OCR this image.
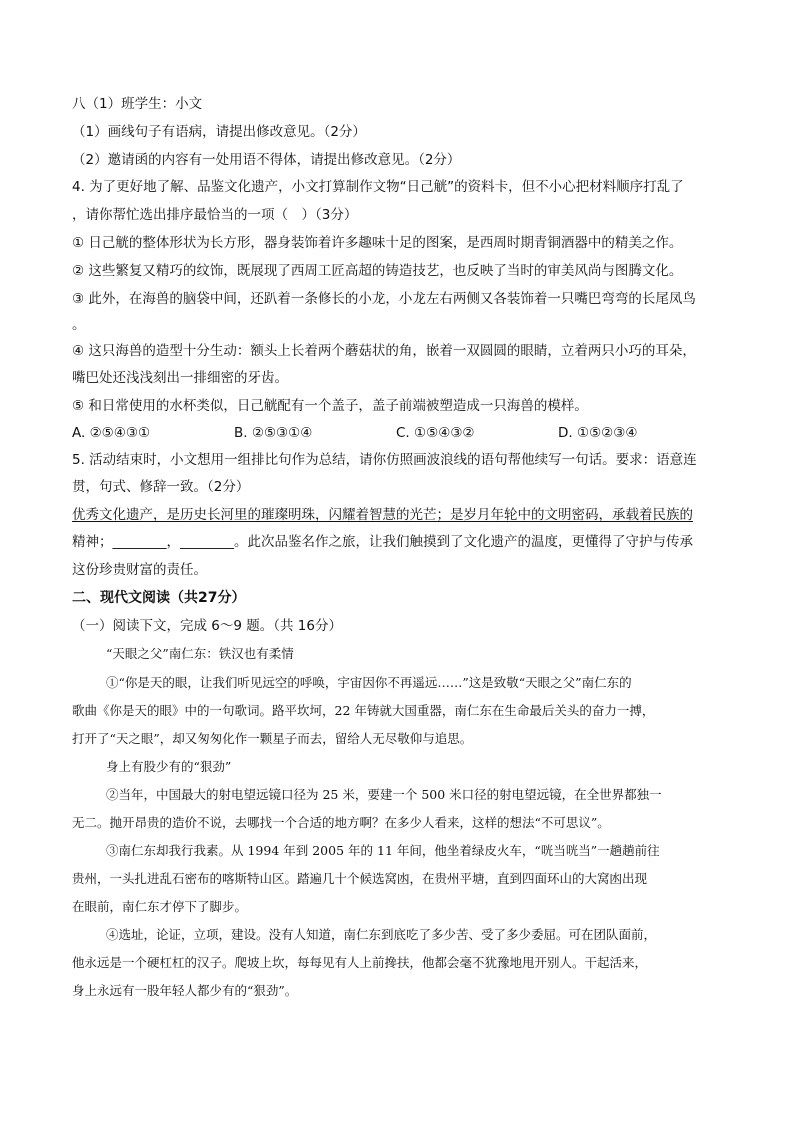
八（1）班学生：小文
（1）画线句子有语病，请提出修改意见。（2分）
（2）邀请函的内容有一处用语不得体，请提出修改意见。（2分）
4. 为了更好地了解、品鉴文化遗产，小文打算制作文物“日己觥”的资料卡，但不小心把材料顺序打乱了
，请你帮忙选出排序最恰当的一项（　）（3分）
① 日己觥的整体形状为长方形，器身装饰着许多趣味十足的图案，是西周时期青铜酒器中的精美之作。
② 这些繁复又精巧的纹饰，既展现了西周工匠高超的铸造技艺，也反映了当时的审美风尚与图腾文化。
③ 此外，在海兽的脑袋中间，还趴着一条修长的小龙，小龙左右两侧又各装饰着一只嘴巴弯弯的长尾凤鸟
。
④ 这只海兽的造型十分生动：额头上长着两个蘑菇状的角，嵌着一双圆圆的眼睛，立着两只小巧的耳朵，
嘴巴处还浅浅刻出一排细密的牙齿。
⑤ 和日常使用的水杯类似，日己觥配有一个盖子，盖子前端被塑造成一只海兽的模样。
A. ②⑤④③①	B. ②⑤③①④	C. ①⑤④③②	D. ①⑤②③④
5. 活动结束时，小文想用一组排比句作为总结，请你仿照画波浪线的语句帮他续写一句话。要求：语意连
贯，句式、修辞一致。（2分）
优秀文化遗产，是历史长河里的璀璨明珠，闪耀着智慧的光芒；是岁月年轮中的文明密码，承载着民族的
精神；________，________。此次品鉴名作之旅，让我们触摸到了文化遗产的温度，更懂得了守护与传承
这份珍贵财富的责任。
二、现代文阅读（共27分）
（一）阅读下文，完成 6～9 题。（共 16分）
“天眼之父”南仁东：铁汉也有柔情
①“你是天的眼，让我们听见远空的呼唤，宇宙因你不再遥远……”这是致敬“天眼之父”南仁东的
歌曲《你是天的眼》中的一句歌词。路平坎坷，22 年铸就大国重器，南仁东在生命最后关头的奋力一搏，
打开了“天之眼”，却又匆匆化作一颗星子而去，留给人无尽敬仰与追思。
身上有股少有的“狠劲”
②当年，中国最大的射电望远镜口径为 25 米，要建一个 500 米口径的射电望远镜，在全世界都独一
无二。抛开昂贵的造价不说，去哪找一个合适的地方啊？在多少人看来，这样的想法“不可思议”。
③南仁东却我行我素。从 1994 年到 2005 年的 11 年间，他坐着绿皮火车，“咣当咣当”一趟趟前往
贵州，一头扎进乱石密布的喀斯特山区。踏遍几十个候选窝凼，在贵州平塘，直到四面环山的大窝凼出现
在眼前，南仁东才停下了脚步。
④选址，论证，立项，建设。没有人知道，南仁东到底吃了多少苦、受了多少委屈。可在团队面前，
他永远是一个硬杠杠的汉子。爬坡上坎，每每见有人上前搀扶，他都会毫不犹豫地甩开别人。干起活来，
身上永远有一股年轻人都少有的“狠劲”。
